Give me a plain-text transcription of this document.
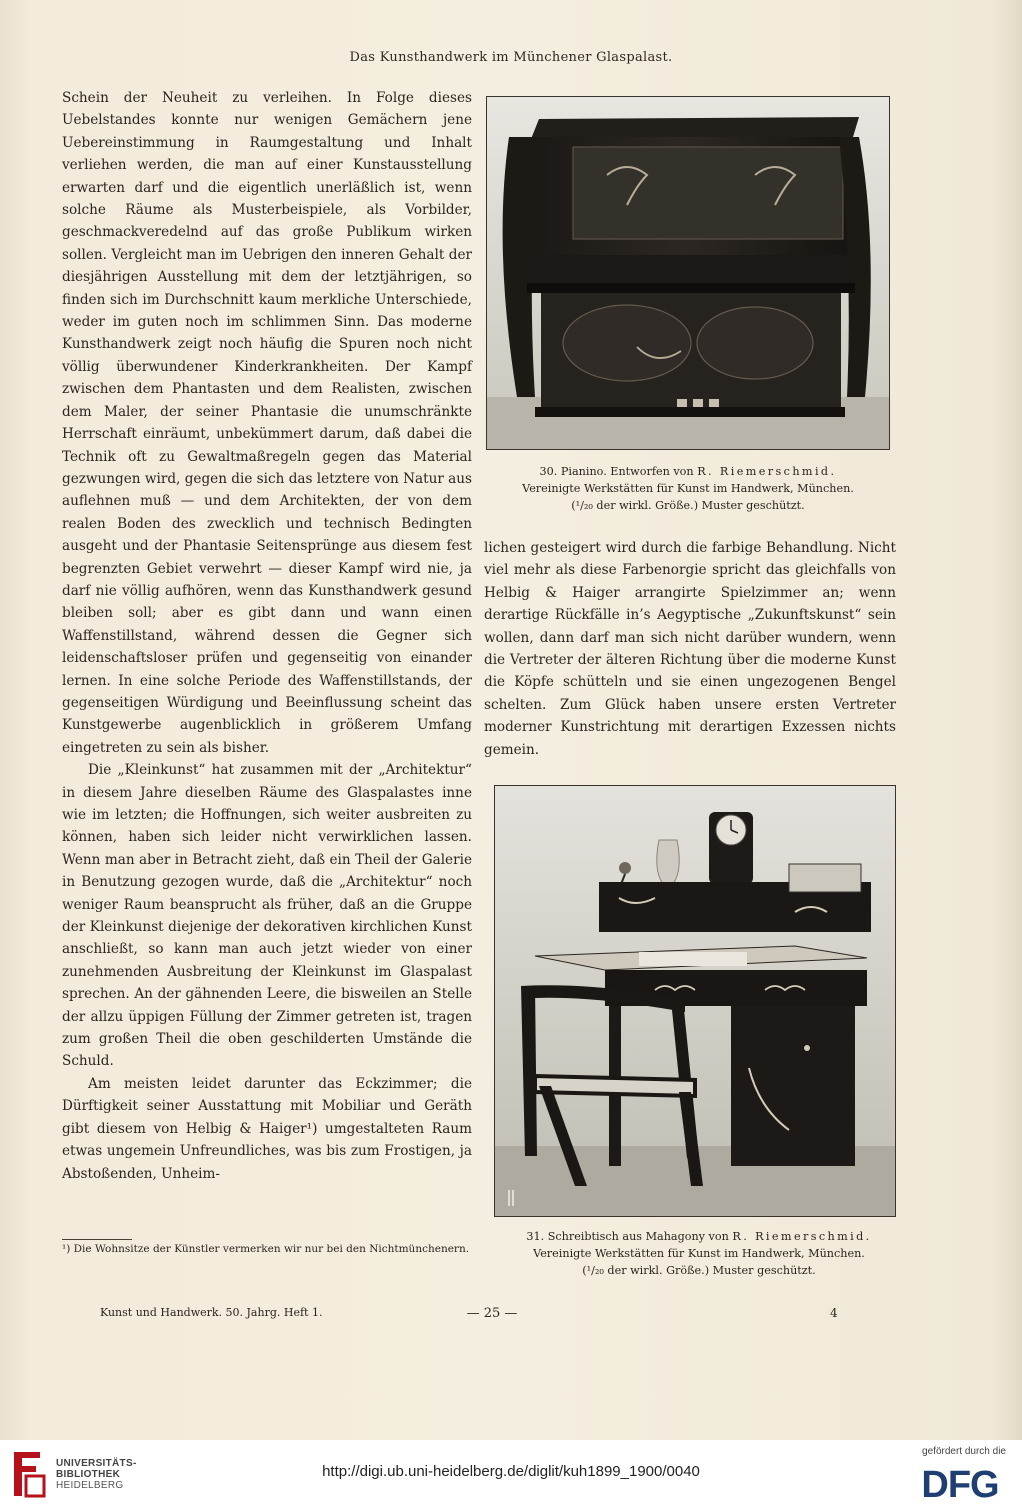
Das Kunsthandwerk im Münchener Glaspalast.

Schein der Neuheit zu verleihen. In Folge dieses Uebelstandes konnte nur wenigen Gemächern jene Uebereinstimmung in Raumgestaltung und Inhalt verliehen werden, die man auf einer Kunstausstellung erwarten darf und die eigentlich unerläßlich ist, wenn solche Räume als Musterbeispiele, als Vorbilder, geschmackveredelnd auf das große Publikum wirken sollen. Vergleicht man im Uebrigen den inneren Gehalt der diesjährigen Ausstellung mit dem der letztjährigen, so finden sich im Durchschnitt kaum merkliche Unterschiede, weder im guten noch im schlimmen Sinn. Das moderne Kunsthandwerk zeigt noch häufig die Spuren noch nicht völlig überwundener Kinderkrankheiten. Der Kampf zwischen dem Phantasten und dem Realisten, zwischen dem Maler, der seiner Phantasie die unumschränkte Herrschaft einräumt, unbekümmert darum, daß dabei die Technik oft zu Gewaltmaßregeln gegen das Material gezwungen wird, gegen die sich das letztere von Natur aus auflehnen muß — und dem Architekten, der von dem realen Boden des zwecklich und technisch Bedingten ausgeht und der Phantasie Seitensprünge aus diesem fest begrenzten Gebiet verwehrt — dieser Kampf wird nie, ja darf nie völlig aufhören, wenn das Kunsthandwerk gesund bleiben soll; aber es gibt dann und wann einen Waffenstillstand, während dessen die Gegner sich leidenschaftsloser prüfen und gegenseitig von einander lernen. In eine solche Periode des Waffenstillstands, der gegenseitigen Würdigung und Beeinflussung scheint das Kunstgewerbe augenblicklich in größerem Umfang eingetreten zu sein als bisher.

Die „Kleinkunst“ hat zusammen mit der „Architektur“ in diesem Jahre dieselben Räume des Glaspalastes inne wie im letzten; die Hoffnungen, sich weiter ausbreiten zu können, haben sich leider nicht verwirklichen lassen. Wenn man aber in Betracht zieht, daß ein Theil der Galerie in Benutzung gezogen wurde, daß die „Architektur“ noch weniger Raum beansprucht als früher, daß an die Gruppe der Kleinkunst diejenige der dekorativen kirchlichen Kunst anschließt, so kann man auch jetzt wieder von einer zunehmenden Ausbreitung der Kleinkunst im Glaspalast sprechen. An der gähnenden Leere, die bisweilen an Stelle der allzu üppigen Füllung der Zimmer getreten ist, tragen zum großen Theil die oben geschilderten Umstände die Schuld.

Am meisten leidet darunter das Eckzimmer; die Dürftigkeit seiner Ausstattung mit Mobiliar und Geräth gibt diesem von Helbig & Haiger¹) umgestalteten Raum etwas ungemein Unfreundliches, was bis zum Frostigen, ja Abstoßenden, Unheim-

¹) Die Wohnsitze der Künstler vermerken wir nur bei den Nichtmünchenern.
30. Pianino. Entworfen von R. Riemerschmid.
Vereinigte Werkstätten für Kunst im Handwerk, München.
(¹/₂₀ der wirkl. Größe.) Muster geschützt.

lichen gesteigert wird durch die farbige Behandlung. Nicht viel mehr als diese Farbenorgie spricht das gleichfalls von Helbig & Haiger arrangirte Spielzimmer an; wenn derartige Rückfälle in’s Aegyptische „Zukunftskunst“ sein wollen, dann darf man sich nicht darüber wundern, wenn die Vertreter der älteren Richtung über die moderne Kunst die Köpfe schütteln und sie einen ungezogenen Bengel schelten. Zum Glück haben unsere ersten Vertreter moderner Kunstrichtung mit derartigen Exzessen nichts gemein.

31. Schreibtisch aus Mahagony von R. Riemerschmid.
Vereinigte Werkstätten für Kunst im Handwerk, München.
(¹/₂₀ der wirkl. Größe.) Muster geschützt.
Kunst und Handwerk. 50. Jahrg. Heft 1.	— 25 —	4
UNIVERSITÄTS-
BIBLIOTHEK
HEIDELBERG
http://digi.ub.uni-heidelberg.de/diglit/kuh1899_1900/0040
gefördert durch die
DFG
